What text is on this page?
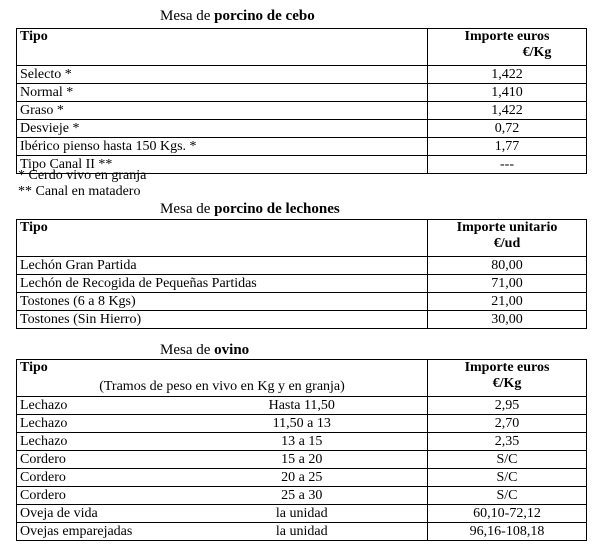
Mesa de porcino de cebo
Tipo	Importe euros
€/Kg
Selecto *	1,422
Normal *	1,410
Graso *	1,422
Desvieje *	0,72
Ibérico pienso hasta 150 Kgs. *	1,77
Tipo Canal II **	---
* Cerdo vivo en granja
** Canal en matadero
Mesa de porcino de lechones
Tipo	Importe unitario
€/ud
Lechón Gran Partida	80,00
Lechón de Recogida de Pequeñas Partidas	71,00
Tostones (6 a 8 Kgs)	21,00
Tostones (Sin Hierro)	30,00
Mesa de ovino
Tipo
(Tramos de peso en vivo en Kg y en granja)		Importe euros
€/Kg
Lechazo	Hasta 11,50	2,95
Lechazo	11,50 a 13	2,70
Lechazo	13 a 15	2,35
Cordero	15 a 20	S/C
Cordero	20 a 25	S/C
Cordero	25 a 30	S/C
Oveja de vida	la unidad	60,10-72,12
Ovejas emparejadas	la unidad	96,16-108,18
